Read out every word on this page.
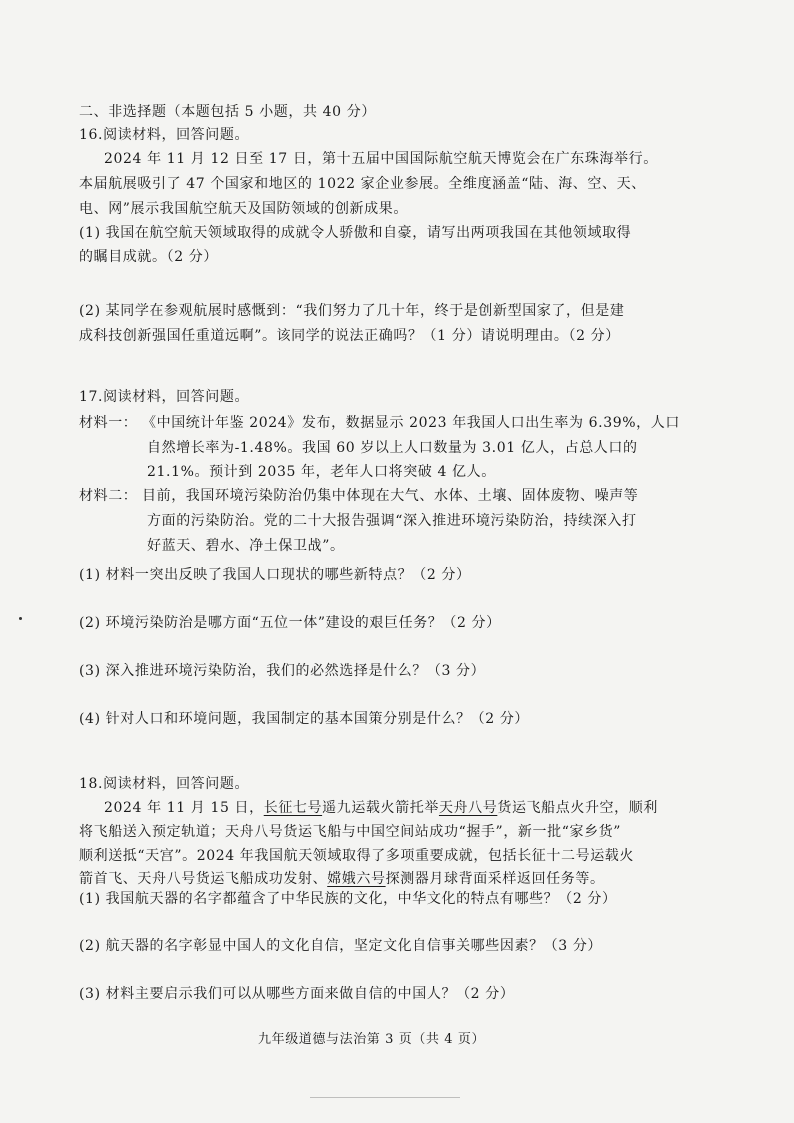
二、非选择题（本题包括 5 小题，共 40 分）
16.阅读材料，回答问题。
2024 年 11 月 12 日至 17 日，第十五届中国国际航空航天博览会在广东珠海举行。
本届航展吸引了 47 个国家和地区的 1022 家企业参展。全维度涵盖“陆、海、空、天、
电、网”展示我国航空航天及国防领域的创新成果。
(1) 我国在航空航天领域取得的成就令人骄傲和自豪，请写出两项我国在其他领域取得
的瞩目成就。（2 分）
(2) 某同学在参观航展时感慨到：“我们努力了几十年，终于是创新型国家了，但是建
成科技创新强国任重道远啊”。该同学的说法正确吗？（1 分）请说明理由。（2 分）
17.阅读材料，回答问题。
材料一： 《中国统计年鉴 2024》发布，数据显示 2023 年我国人口出生率为 6.39%，人口
自然增长率为-1.48%。我国 60 岁以上人口数量为 3.01 亿人，占总人口的
21.1%。预计到 2035 年，老年人口将突破 4 亿人。
材料二： 目前，我国环境污染防治仍集中体现在大气、水体、土壤、固体废物、噪声等
方面的污染防治。党的二十大报告强调“深入推进环境污染防治，持续深入打
好蓝天、碧水、净土保卫战”。
(1) 材料一突出反映了我国人口现状的哪些新特点？（2 分）
(2) 环境污染防治是哪方面“五位一体”建设的艰巨任务？（2 分）
(3) 深入推进环境污染防治，我们的必然选择是什么？（3 分）
(4) 针对人口和环境问题，我国制定的基本国策分别是什么？（2 分）
18.阅读材料，回答问题。
2024 年 11 月 15 日，长征七号遥九运载火箭托举天舟八号货运飞船点火升空，顺利
将飞船送入预定轨道；天舟八号货运飞船与中国空间站成功“握手”，新一批“家乡货”
顺利送抵“天宫”。2024 年我国航天领域取得了多项重要成就，包括长征十二号运载火
箭首飞、天舟八号货运飞船成功发射、嫦娥六号探测器月球背面采样返回任务等。
(1) 我国航天器的名字都蕴含了中华民族的文化，中华文化的特点有哪些？（2 分）
(2) 航天器的名字彰显中国人的文化自信，坚定文化自信事关哪些因素？（3 分）
(3) 材料主要启示我们可以从哪些方面来做自信的中国人？（2 分）
九年级道德与法治第 3 页（共 4 页）
